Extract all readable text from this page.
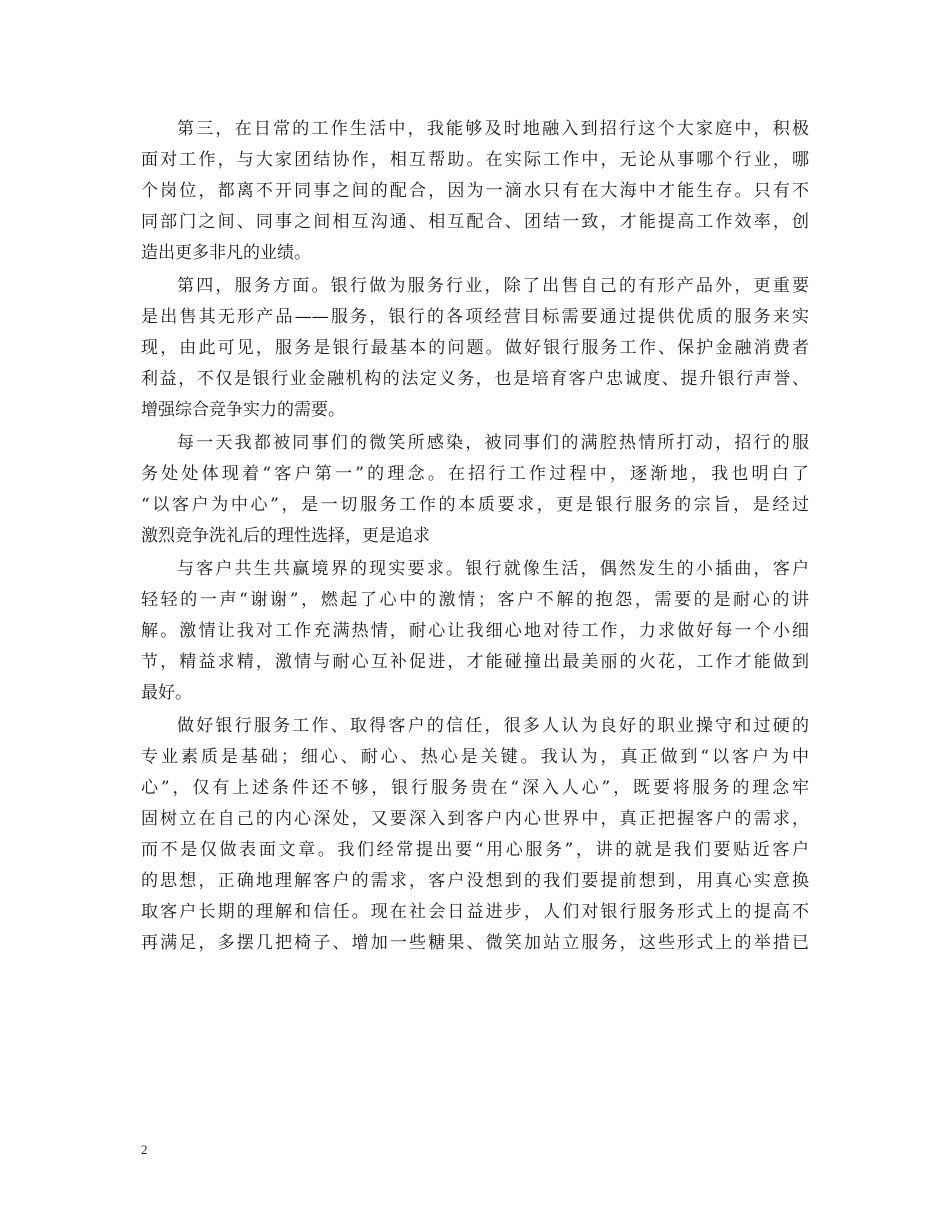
第三，在日常的工作生活中，我能够及时地融入到招行这个大家庭中，积极
面对工作，与大家团结协作，相互帮助。在实际工作中，无论从事哪个行业，哪
个岗位，都离不开同事之间的配合，因为一滴水只有在大海中才能生存。只有不
同部门之间、同事之间相互沟通、相互配合、团结一致，才能提高工作效率，创
造出更多非凡的业绩。
第四，服务方面。银行做为服务行业，除了出售自己的有形产品外，更重要
是出售其无形产品——服务，银行的各项经营目标需要通过提供优质的服务来实
现，由此可见，服务是银行最基本的问题。做好银行服务工作、保护金融消费者
利益，不仅是银行业金融机构的法定义务，也是培育客户忠诚度、提升银行声誉、
增强综合竞争实力的需要。
每一天我都被同事们的微笑所感染，被同事们的满腔热情所打动，招行的服
务处处体现着“客户第一”的理念。在招行工作过程中，逐渐地，我也明白了
“以客户为中心”，是一切服务工作的本质要求，更是银行服务的宗旨，是经过
激烈竞争洗礼后的理性选择，更是追求
与客户共生共赢境界的现实要求。银行就像生活，偶然发生的小插曲，客户
轻轻的一声“谢谢”，燃起了心中的激情；客户不解的抱怨，需要的是耐心的讲
解。激情让我对工作充满热情，耐心让我细心地对待工作，力求做好每一个小细
节，精益求精，激情与耐心互补促进，才能碰撞出最美丽的火花，工作才能做到
最好。
做好银行服务工作、取得客户的信任，很多人认为良好的职业操守和过硬的
专业素质是基础；细心、耐心、热心是关键。我认为，真正做到“以客户为中
心”，仅有上述条件还不够，银行服务贵在“深入人心”，既要将服务的理念牢
固树立在自己的内心深处，又要深入到客户内心世界中，真正把握客户的需求，
而不是仅做表面文章。我们经常提出要“用心服务”，讲的就是我们要贴近客户
的思想，正确地理解客户的需求，客户没想到的我们要提前想到，用真心实意换
取客户长期的理解和信任。现在社会日益进步，人们对银行服务形式上的提高不
再满足，多摆几把椅子、增加一些糖果、微笑加站立服务，这些形式上的举措已
2
